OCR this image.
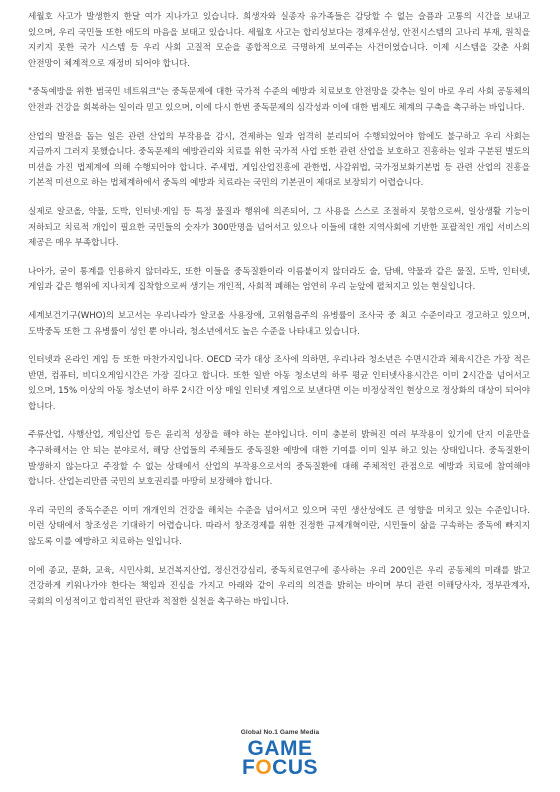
세월호 사고가 발생한지 한달 여가 지나가고 있습니다. 희생자와 실종자 유가족들은 감당할 수 없는 슬픔과 고통의 시간을 보내고 있으며, 우리 국민들 또한 애도의 마음을 보태고 있습니다. 세월호 사고는 합리성보다는 경제우선성, 안전시스템의 고나리 부재, 원칙을 지키지 못한 국가 시스템 등 우리 사회 고질적 모순을 종합적으로 극명하게 보여주는 사건이었습니다. 이제 시스템을 갖춘 사회 안전망이 체계적으로 재정비 되어야 합니다.

"중독예방을 위한 범국민 네트워크"는 중독문제에 대한 국가적 수준의 예방과 치료보호 안전망을 갖추는 일이 바로 우리 사회 공동체의 안전과 건강을 회복하는 일이라 믿고 있으며, 이에 다시 한번 중독문제의 심각성과 이에 대한 범제도 체계의 구축을 촉구하는 바입니다.

산업의 발전을 돕는 일은 관련 산업의 부작용을 감시, 견제하는 일과 엄격히 분리되어 수행되었어야 함에도 불구하고 우리 사회는 지금까지 그러지 못했습니다. 중독문제의 예방관리와 치료를 위한 국가적 사업 또한 관련 산업을 보호하고 진흥하는 일과 구분된 별도의 미션을 가진 법제계에 의해 수행되어야 합니다. 주세법, 게임산업진흥에 관한법, 사감위법, 국가정보화기본법 등 관련 산업의 진흥을 기본적 미션으로 하는 법체계하에서 중독의 예방과 치료라는 국민의 기본권이 제대로 보장되기 어렵습니다.

실제로 알코올, 약물, 도박, 인터넷·게임 등 특정 물질과 행위에 의존되어, 그 사용을 스스로 조절하지 못함으로써, 일상생활 기능이 저하되고 치료적 개입이 필요한 국민들의 숫자가 300만명을 넘어서고 있으나 이들에 대한 지역사회에 기반한 포괄적인 개입 서비스의 제공은 매우 부족합니다.

나아가, 굳이 통계를 인용하지 않더라도, 또한 이들을 중독질환이라 이름붙이지 않더라도 술, 담배, 약물과 같은 물질, 도박, 인터넷, 게임과 같은 행위에 지나치게 집착함으로써 생기는 개인적, 사회적 폐해는 엄연히 우리 눈앞에 펼쳐지고 있는 현실입니다.

세계보건기구(WHO)의 보고서는 우리나라가 알코올 사용장애, 고위험음주의 유병률이 조사국 중 최고 수준이라고 경고하고 있으며, 도박중독 또한 그 유병률이 성인 뿐 아니라, 청소년에서도 높은 수준을 나타내고 있습니다.

인터넷과 온라인 게임 등 또한 마찬가지입니다. OECD 국가 대상 조사에 의하면, 우리나라 청소년은 수면시간과 체육시간은 가장 적은 반면, 컴퓨터, 비디오게임시간은 가장 길다고 합니다. 또한 일반 아동 청소년의 하루 평균 인터넷사용시간은 이미 2시간을 넘어서고 있으며, 15% 이상의 아동 청소년이 하루 2시간 이상 매일 인터넷 게임으로 보낸다면 이는 비정상적인 현상으로 정상화의 대상이 되어야 합니다.

주류산업, 사행산업, 게임산업 등은 윤리적 성장을 해야 하는 분야입니다. 이미 충분히 밝혀진 여러 부작용이 있기에 단지 이윤만을 추구하해서는 안 되는 분야로서, 해당 산업들의 주체들도 중독질환 예방에 대한 기여를 이미 일부 하고 있는 상태입니다. 중독질환이 발생하지 않는다고 주장할 수 없는 상태에서 산업의 부작용으로서의 중독질환에 대해 주체적인 관점으로 예방과 치료에 참여해야 합니다. 산업논리만큼 국민의 보호권리를 마땅히 보장해야 합니다.

우리 국민의 중독수준은 이미 개개인의 건강을 해치는 수준을 넘어서고 있으며 국민 생산성에도 큰 영향을 미치고 있는 수준입니다. 이런 상태에서 창조성은 기대하기 어렵습니다. 따라서 창조경제를 위한 진정한 규제개혁이란, 시민들이 삶을 구속하는 중독에 빠지지 않도록 이를 예방하고 치료하는 일입니다.

이에 종교, 문화, 교육, 시민사회, 보건복지산업, 정신건강심리, 중독치료연구에 종사하는 우리 200인은 우리 공동체의 미래를 밝고 건강하게 키워나가야 한다는 책임과 진심을 가지고 아래와 같이 우리의 의견을 밝히는 바이며 부디 관련 이해당사자, 정부관계자, 국회의 이성적이고 합리적인 판단과 적절한 실천을 촉구하는 바입니다.

Global No.1 Game Media
GAME
FOCUS
